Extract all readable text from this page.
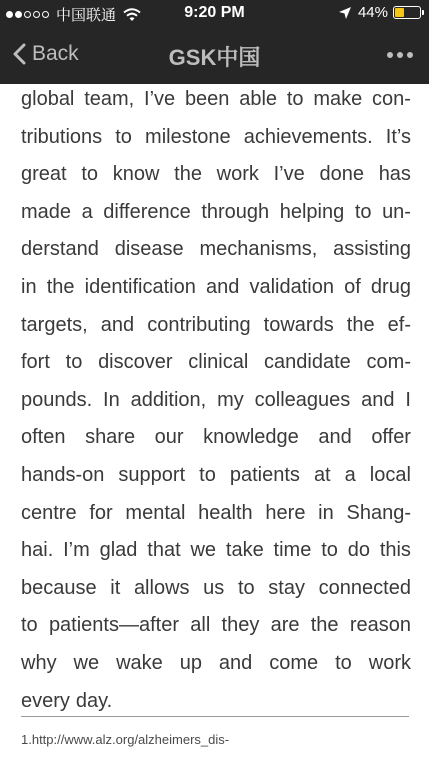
中国联通	9:20 PM	44%
Back	GSK中国
global team, I’ve been able to make con-
tributions to milestone achievements. It’s
great to know the work I’ve done has
made a difference through helping to un-
derstand disease mechanisms, assisting
in the identification and validation of drug
targets, and contributing towards the ef-
fort to discover clinical candidate com-
pounds. In addition, my colleagues and I
often share our knowledge and offer
hands-on support to patients at a local
centre for mental health here in Shang-
hai. I’m glad that we take time to do this
because it allows us to stay connected
to patients—after all they are the reason
why we wake up and come to work
every day.
1.http://www.alz.org/alzheimers_dis-
